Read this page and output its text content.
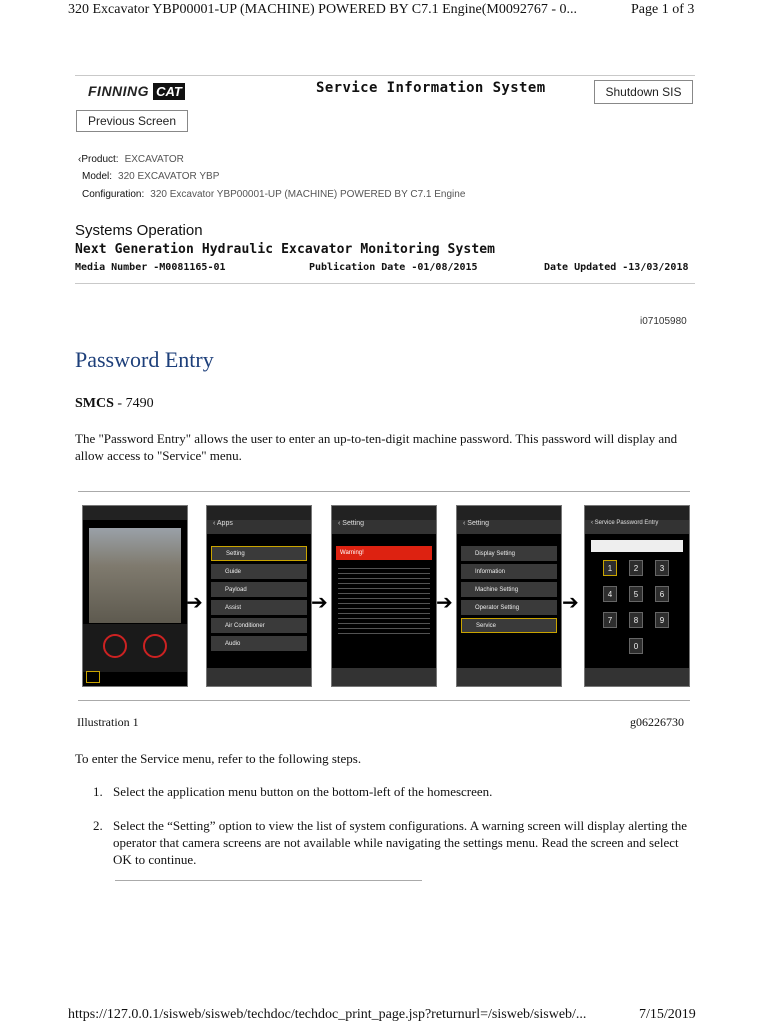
320 Excavator YBP00001-UP (MACHINE) POWERED BY C7.1 Engine(M0092767 - 0...	Page 1 of 3
FINNING CAT	Service Information System	Shutdown SIS
Previous Screen
‹Product: EXCAVATOR
Model: 320 EXCAVATOR YBP
Configuration: 320 Excavator YBP00001-UP (MACHINE) POWERED BY C7.1 Engine
Systems Operation
Next Generation Hydraulic Excavator Monitoring System
Media Number -M0081165-01	Publication Date -01/08/2015	Date Updated -13/03/2018
i07105980
Password Entry
SMCS - 7490
The "Password Entry" allows the user to enter an up-to-ten-digit machine password. This password will display and allow access to "Service" menu.
➔
‹ Apps
Setting
Guide
Payload
Assist
Air Conditioner
Audio
➔
‹ Setting
Warning!
➔
‹ Setting
Display Setting
Information
Machine Setting
Operator Setting
Service
➔
‹ Service Password Entry
1	2	3
4	5	6
7	8	9
0
Illustration 1	g06226730
To enter the Service menu, refer to the following steps.
1. Select the application menu button on the bottom-left of the homescreen.
2. Select the “Setting” option to view the list of system configurations. A warning screen will display alerting the operator that camera screens are not available while navigating the settings menu. Read the screen and select OK to continue.
https://127.0.0.1/sisweb/sisweb/techdoc/techdoc_print_page.jsp?returnurl=/sisweb/sisweb/...	7/15/2019
